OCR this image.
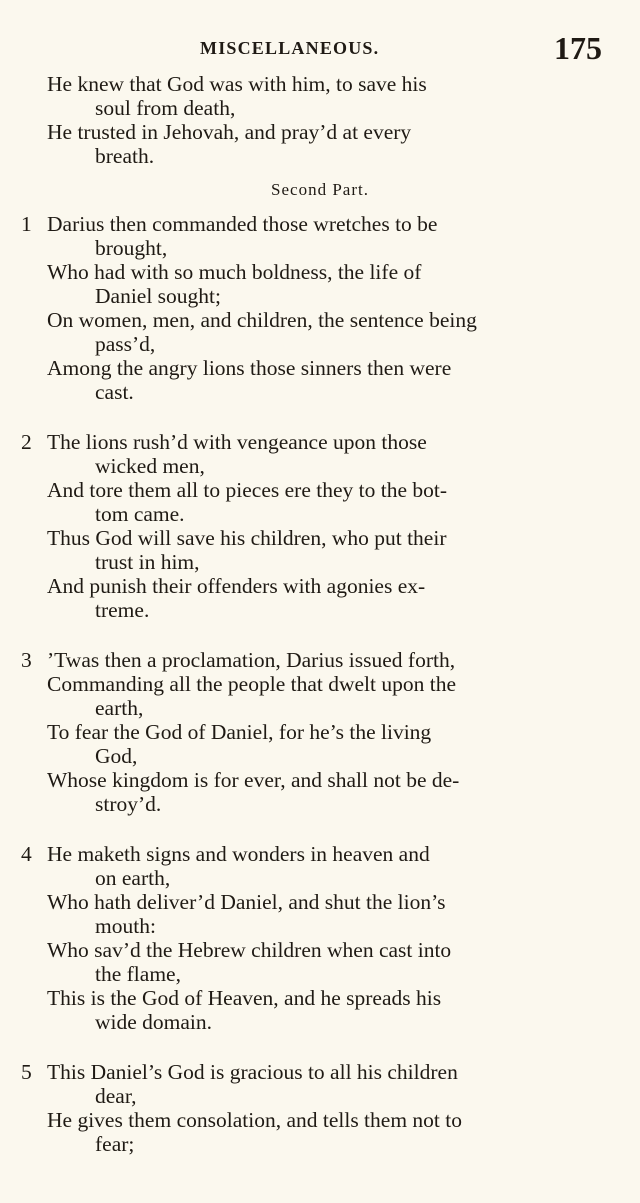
MISCELLANEOUS.	175
He knew that God was with him, to save his
soul from death,
He trusted in Jehovah, and pray’d at every
breath.
Second Part.
1 Darius then commanded those wretches to be
brought,
Who had with so much boldness, the life of
Daniel sought;
On women, men, and children, the sentence being
pass’d,
Among the angry lions those sinners then were
cast.
2 The lions rush’d with vengeance upon those
wicked men,
And tore them all to pieces ere they to the bot-
tom came.
Thus God will save his children, who put their
trust in him,
And punish their offenders with agonies ex-
treme.
3 ’Twas then a proclamation, Darius issued forth,
Commanding all the people that dwelt upon the
earth,
To fear the God of Daniel, for he’s the living
God,
Whose kingdom is for ever, and shall not be de-
stroy’d.
4 He maketh signs and wonders in heaven and
on earth,
Who hath deliver’d Daniel, and shut the lion’s
mouth:
Who sav’d the Hebrew children when cast into
the flame,
This is the God of Heaven, and he spreads his
wide domain.
5 This Daniel’s God is gracious to all his children
dear,
He gives them consolation, and tells them not to
fear;
